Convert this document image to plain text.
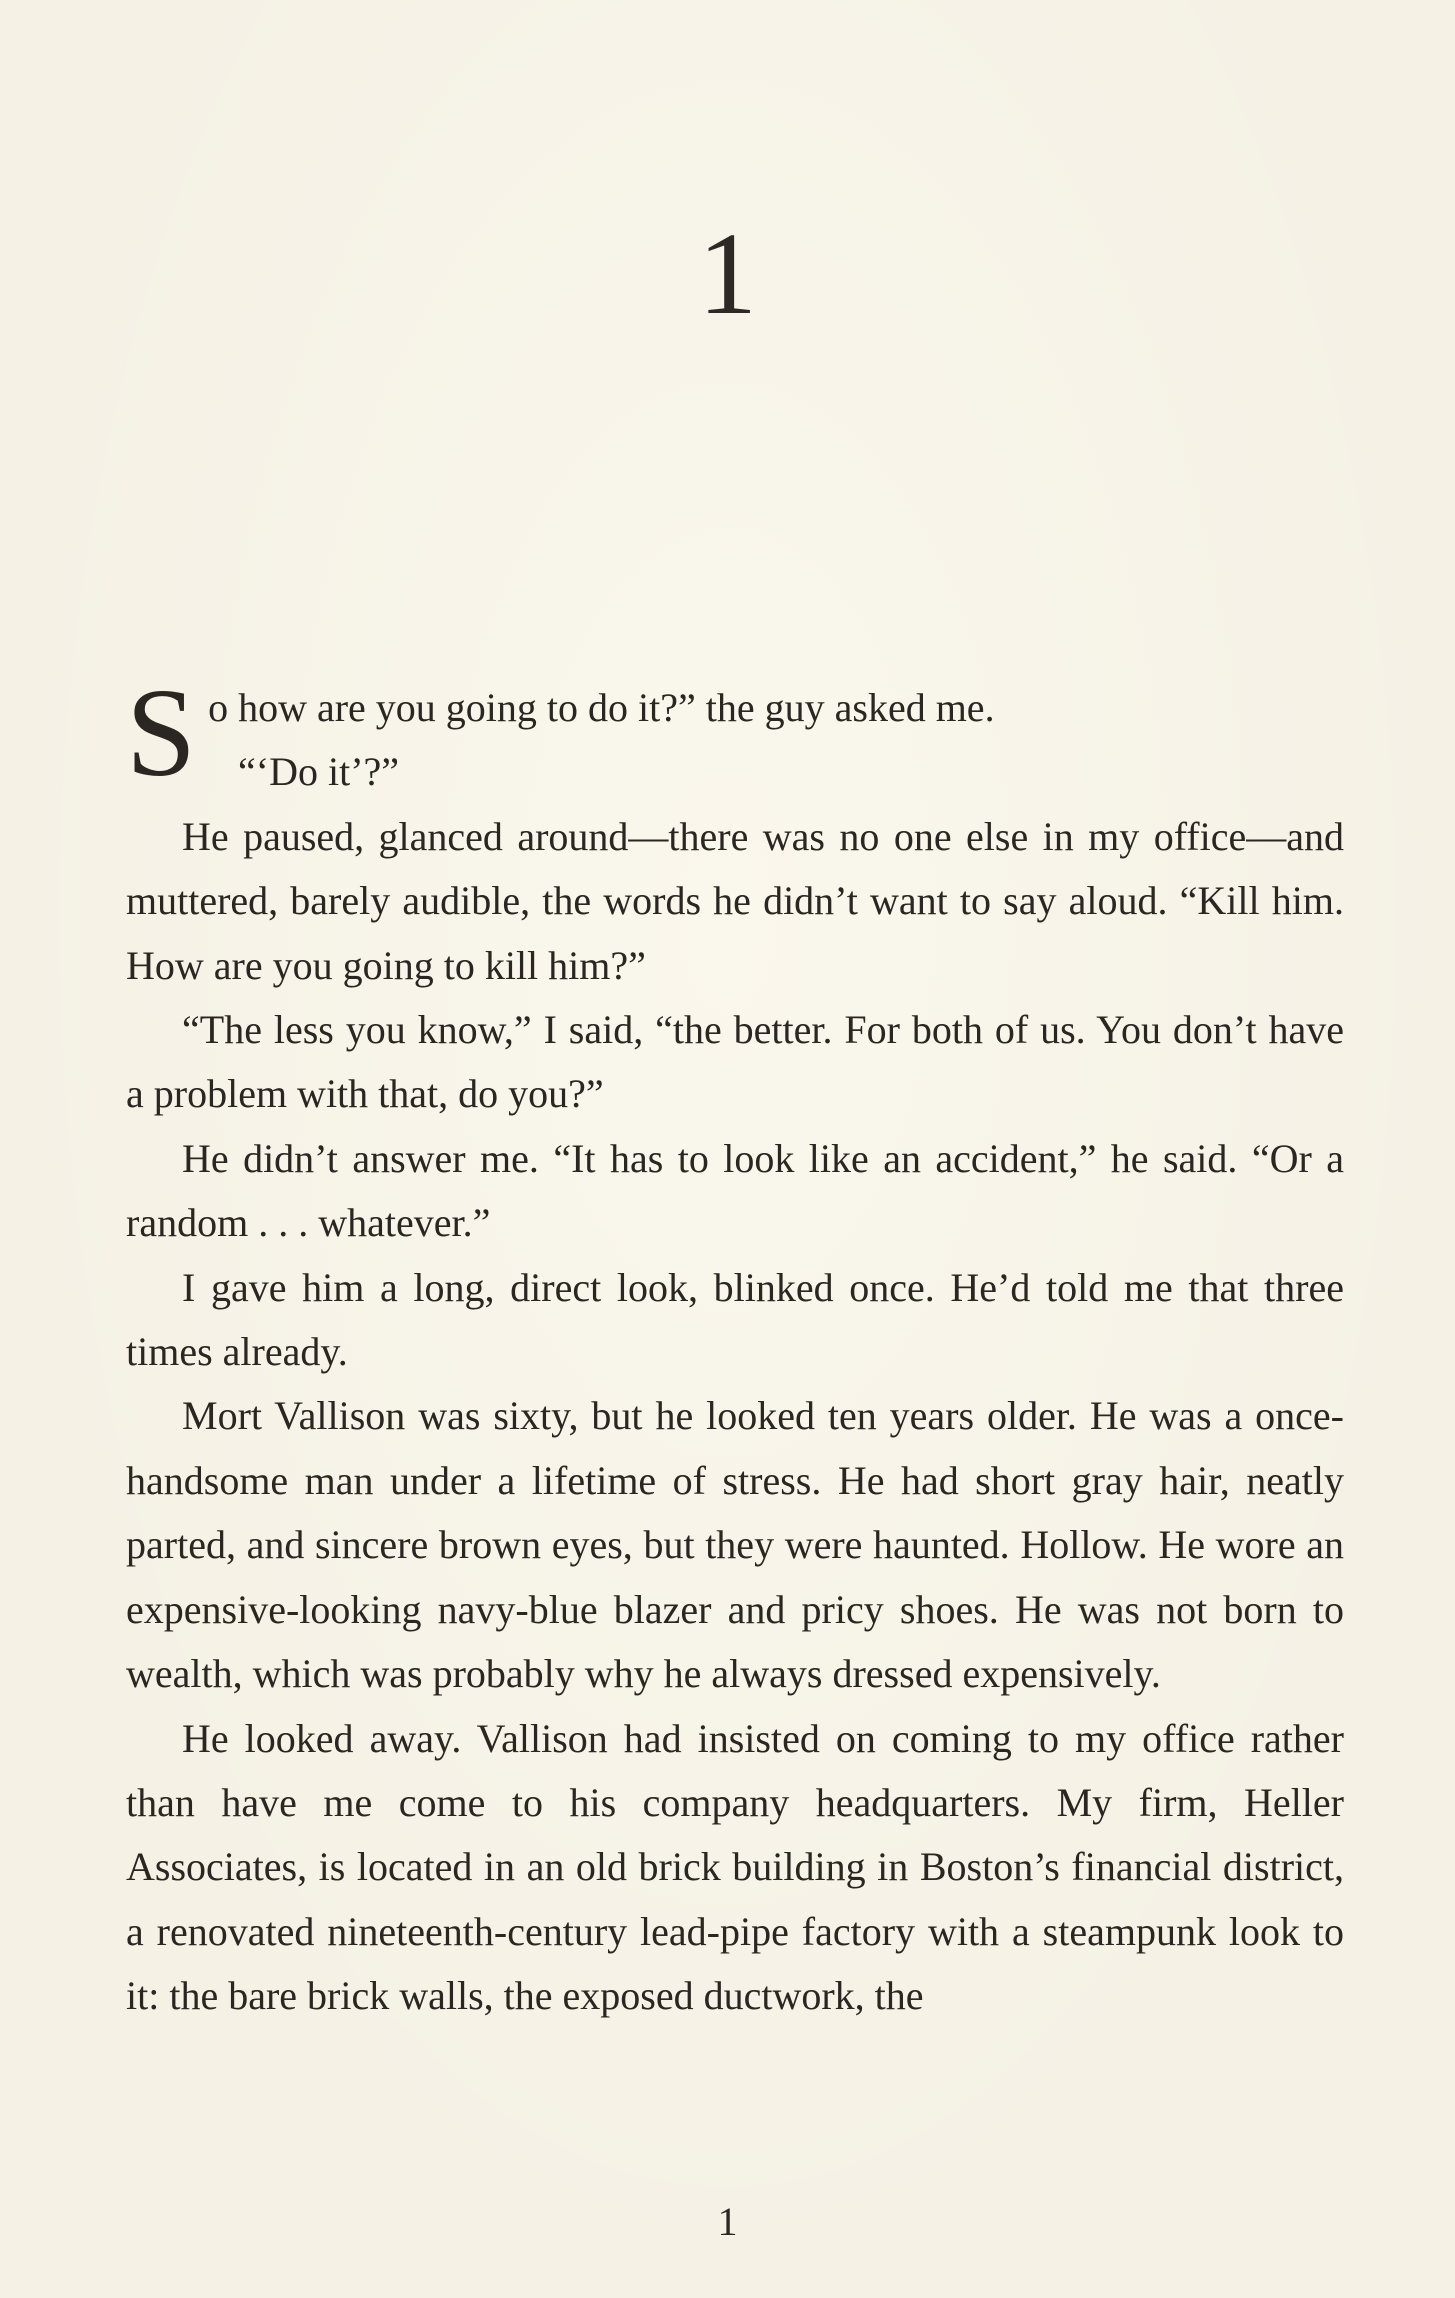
1

So how are you going to do it?” the guy asked me.

“‘Do it’?”

He paused, glanced around—there was no one else in my office—and muttered, barely audible, the words he didn’t want to say aloud. “Kill him. How are you going to kill him?”

“The less you know,” I said, “the better. For both of us. You don’t have a problem with that, do you?”

He didn’t answer me. “It has to look like an accident,” he said. “Or a random . . . whatever.”

I gave him a long, direct look, blinked once. He’d told me that three times already.

Mort Vallison was sixty, but he looked ten years older. He was a once-handsome man under a lifetime of stress. He had short gray hair, neatly parted, and sincere brown eyes, but they were haunted. Hollow. He wore an expensive-looking navy-blue blazer and pricy shoes. He was not born to wealth, which was probably why he always dressed expensively.

He looked away. Vallison had insisted on coming to my office rather than have me come to his company headquarters. My firm, Heller Associates, is located in an old brick building in Boston’s financial district, a renovated nineteenth-century lead-pipe factory with a steampunk look to it: the bare brick walls, the exposed ductwork, the

1
